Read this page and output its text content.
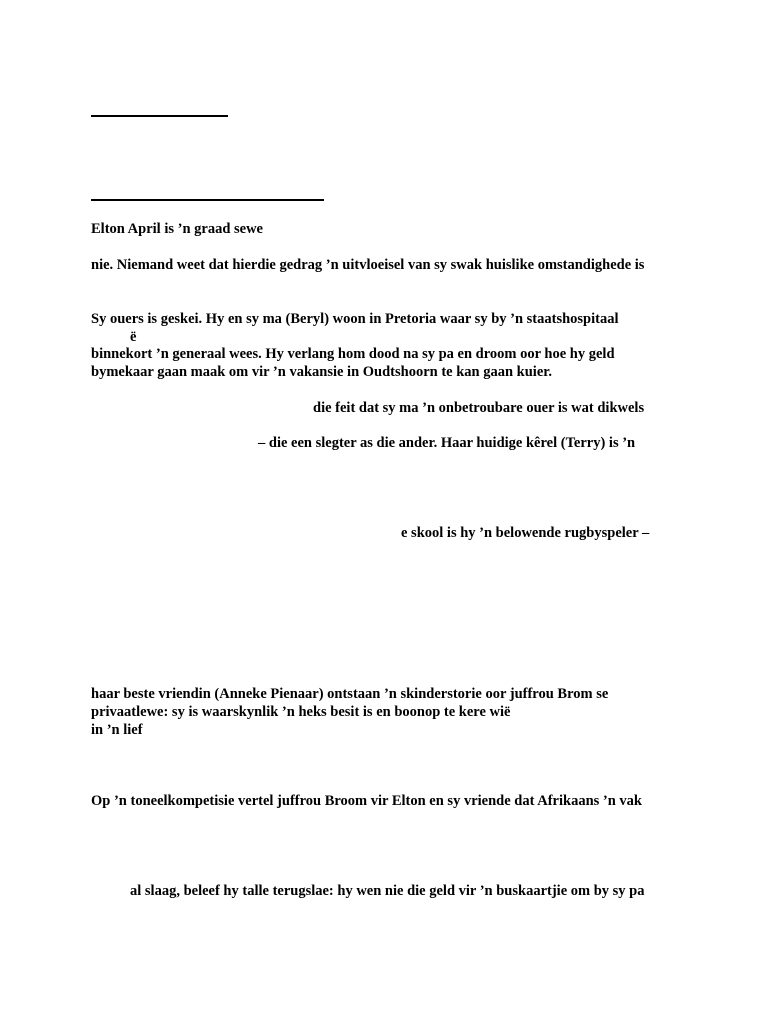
Elton April is ’n graad sewe
nie. Niemand weet dat hierdie gedrag ’n uitvloeisel van sy swak huislike omstandighede is
Sy ouers is geskei. Hy en sy ma (Beryl) woon in Pretoria waar sy by ’n staatshospitaal
ë
binnekort ’n generaal wees. Hy verlang hom dood na sy pa en droom oor hoe hy geld
bymekaar gaan maak om vir ’n vakansie in Oudtshoorn te kan gaan kuier.
die feit dat sy ma ’n onbetroubare ouer is wat dikwels
– die een slegter as die ander. Haar huidige kêrel (Terry) is ’n
e skool is hy ’n belowende rugbyspeler –
haar beste vriendin (Anneke Pienaar) ontstaan ’n skinderstorie oor juffrou Brom se
privaatlewe: sy is waarskynlik ’n heks besit is en boonop te kere wië
in ’n lief
Op ’n toneelkompetisie vertel juffrou Broom vir Elton en sy vriende dat Afrikaans ’n vak
al slaag, beleef hy talle terugslae: hy wen nie die geld vir ’n buskaartjie om by sy pa
